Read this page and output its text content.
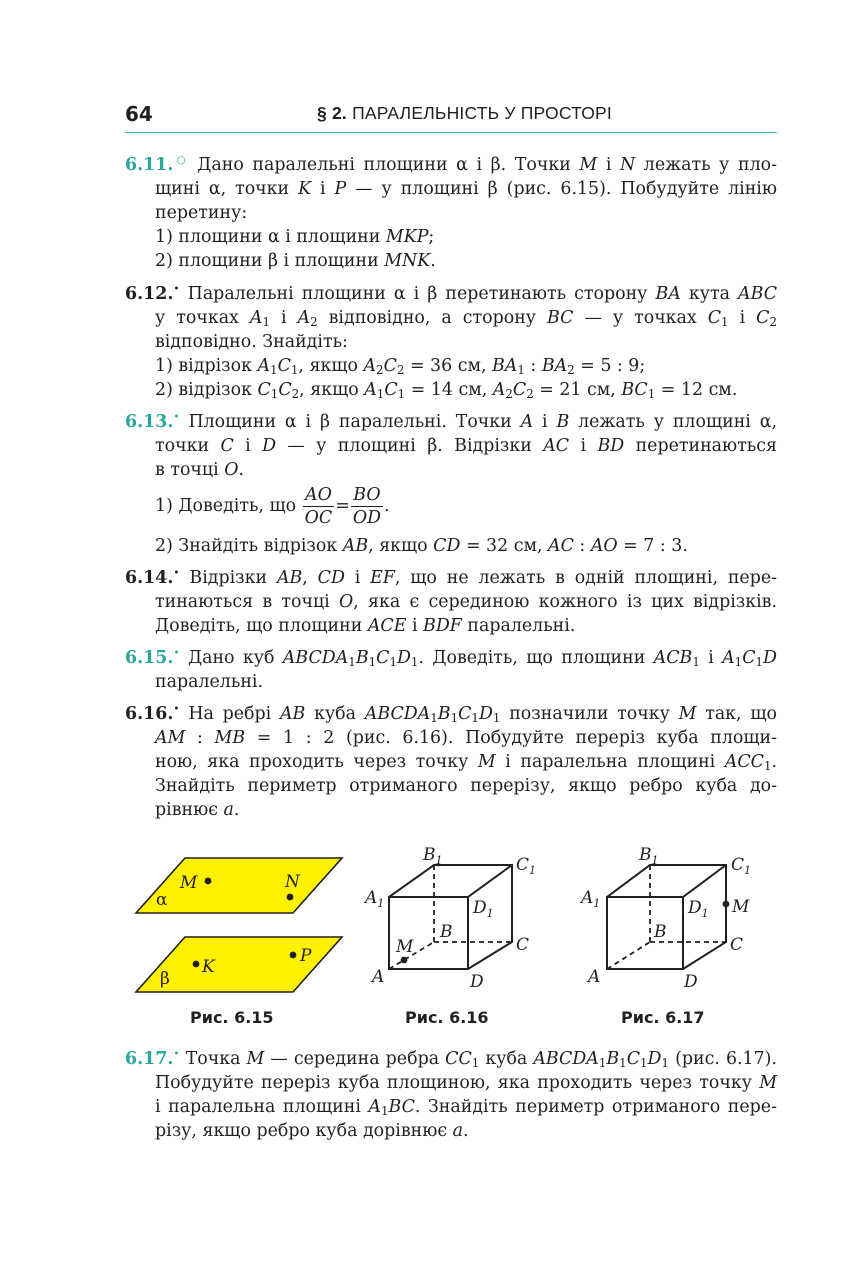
64	§ 2. ПАРАЛЕЛЬНІСТЬ У ПРОСТОРІ
6.11.○ Дано паралельні площини α і β. Точки M і N лежать у пло-
щині α, точки K і P — у площині β (рис. 6.15). Побудуйте лінію
перетину:
1) площини α і площини MKP;
2) площини β і площини MNK.
6.12.• Паралельні площини α і β перетинають сторону BA кута ABC
у точках $A_1$ і $A_2$ відповідно, а сторону BC — у точках $C_1$ і $C_2$
відповідно. Знайдіть:
1) відрізок $A_1C_1$, якщо $A_2C_2 = 36$ см, $BA_1$ : $BA_2 = 5$ : 9;
2) відрізок $C_1C_2$, якщо $A_1C_1 = 14$ см, $A_2C_2 = 21$ см, $BC_1 = 12$ см.
6.13.• Площини α і β паралельні. Точки A і B лежать у площині α,
точки C і D — у площині β. Відрізки AC і BD перетинаються
в точці O.
1) Доведіть, що $\frac{AO}{OC} = \frac{BO}{OD}$ .
2) Знайдіть відрізок AB, якщо CD = 32 см, AC : AO = 7 : 3.
6.14.• Відрізки AB, CD і EF, що не лежать в одній площині, пере-
тинаються в точці O, яка є серединою кожного із цих відрізків.
Доведіть, що площини ACE і BDF паралельні.
6.15.• Дано куб $ABCDA_1B_1C_1D_1$. Доведіть, що площини $ACB_1$ і $A_1C_1D$
паралельні.
6.16.• На ребрі AB куба $ABCDA_1B_1C_1D_1$ позначили точку M так, що
AM : MB = 1 : 2 (рис. 6.16). Побудуйте переріз куба площи-
ною, яка проходить через точку M і паралельна площині $ACC_1$.
Знайдіть периметр отриманого перерізу, якщо ребро куба до-
рівнює a.
M	N
α
P
K
β
$B_1$	$C_1$
$A_1$	$D_1$
B
C
M
A	D
$B_1$	$C_1$
$A_1$	$D_1$ M
B
C
A	D
Рис. 6.15	Рис. 6.16	Рис. 6.17
6.17.• Точка M — середина ребра $CC_1$ куба $ABCDA_1B_1C_1D_1$ (рис. 6.17).
Побудуйте переріз куба площиною, яка проходить через точку M
і паралельна площині $A_1BC$. Знайдіть периметр отриманого пере-
різу, якщо ребро куба дорівнює a.
